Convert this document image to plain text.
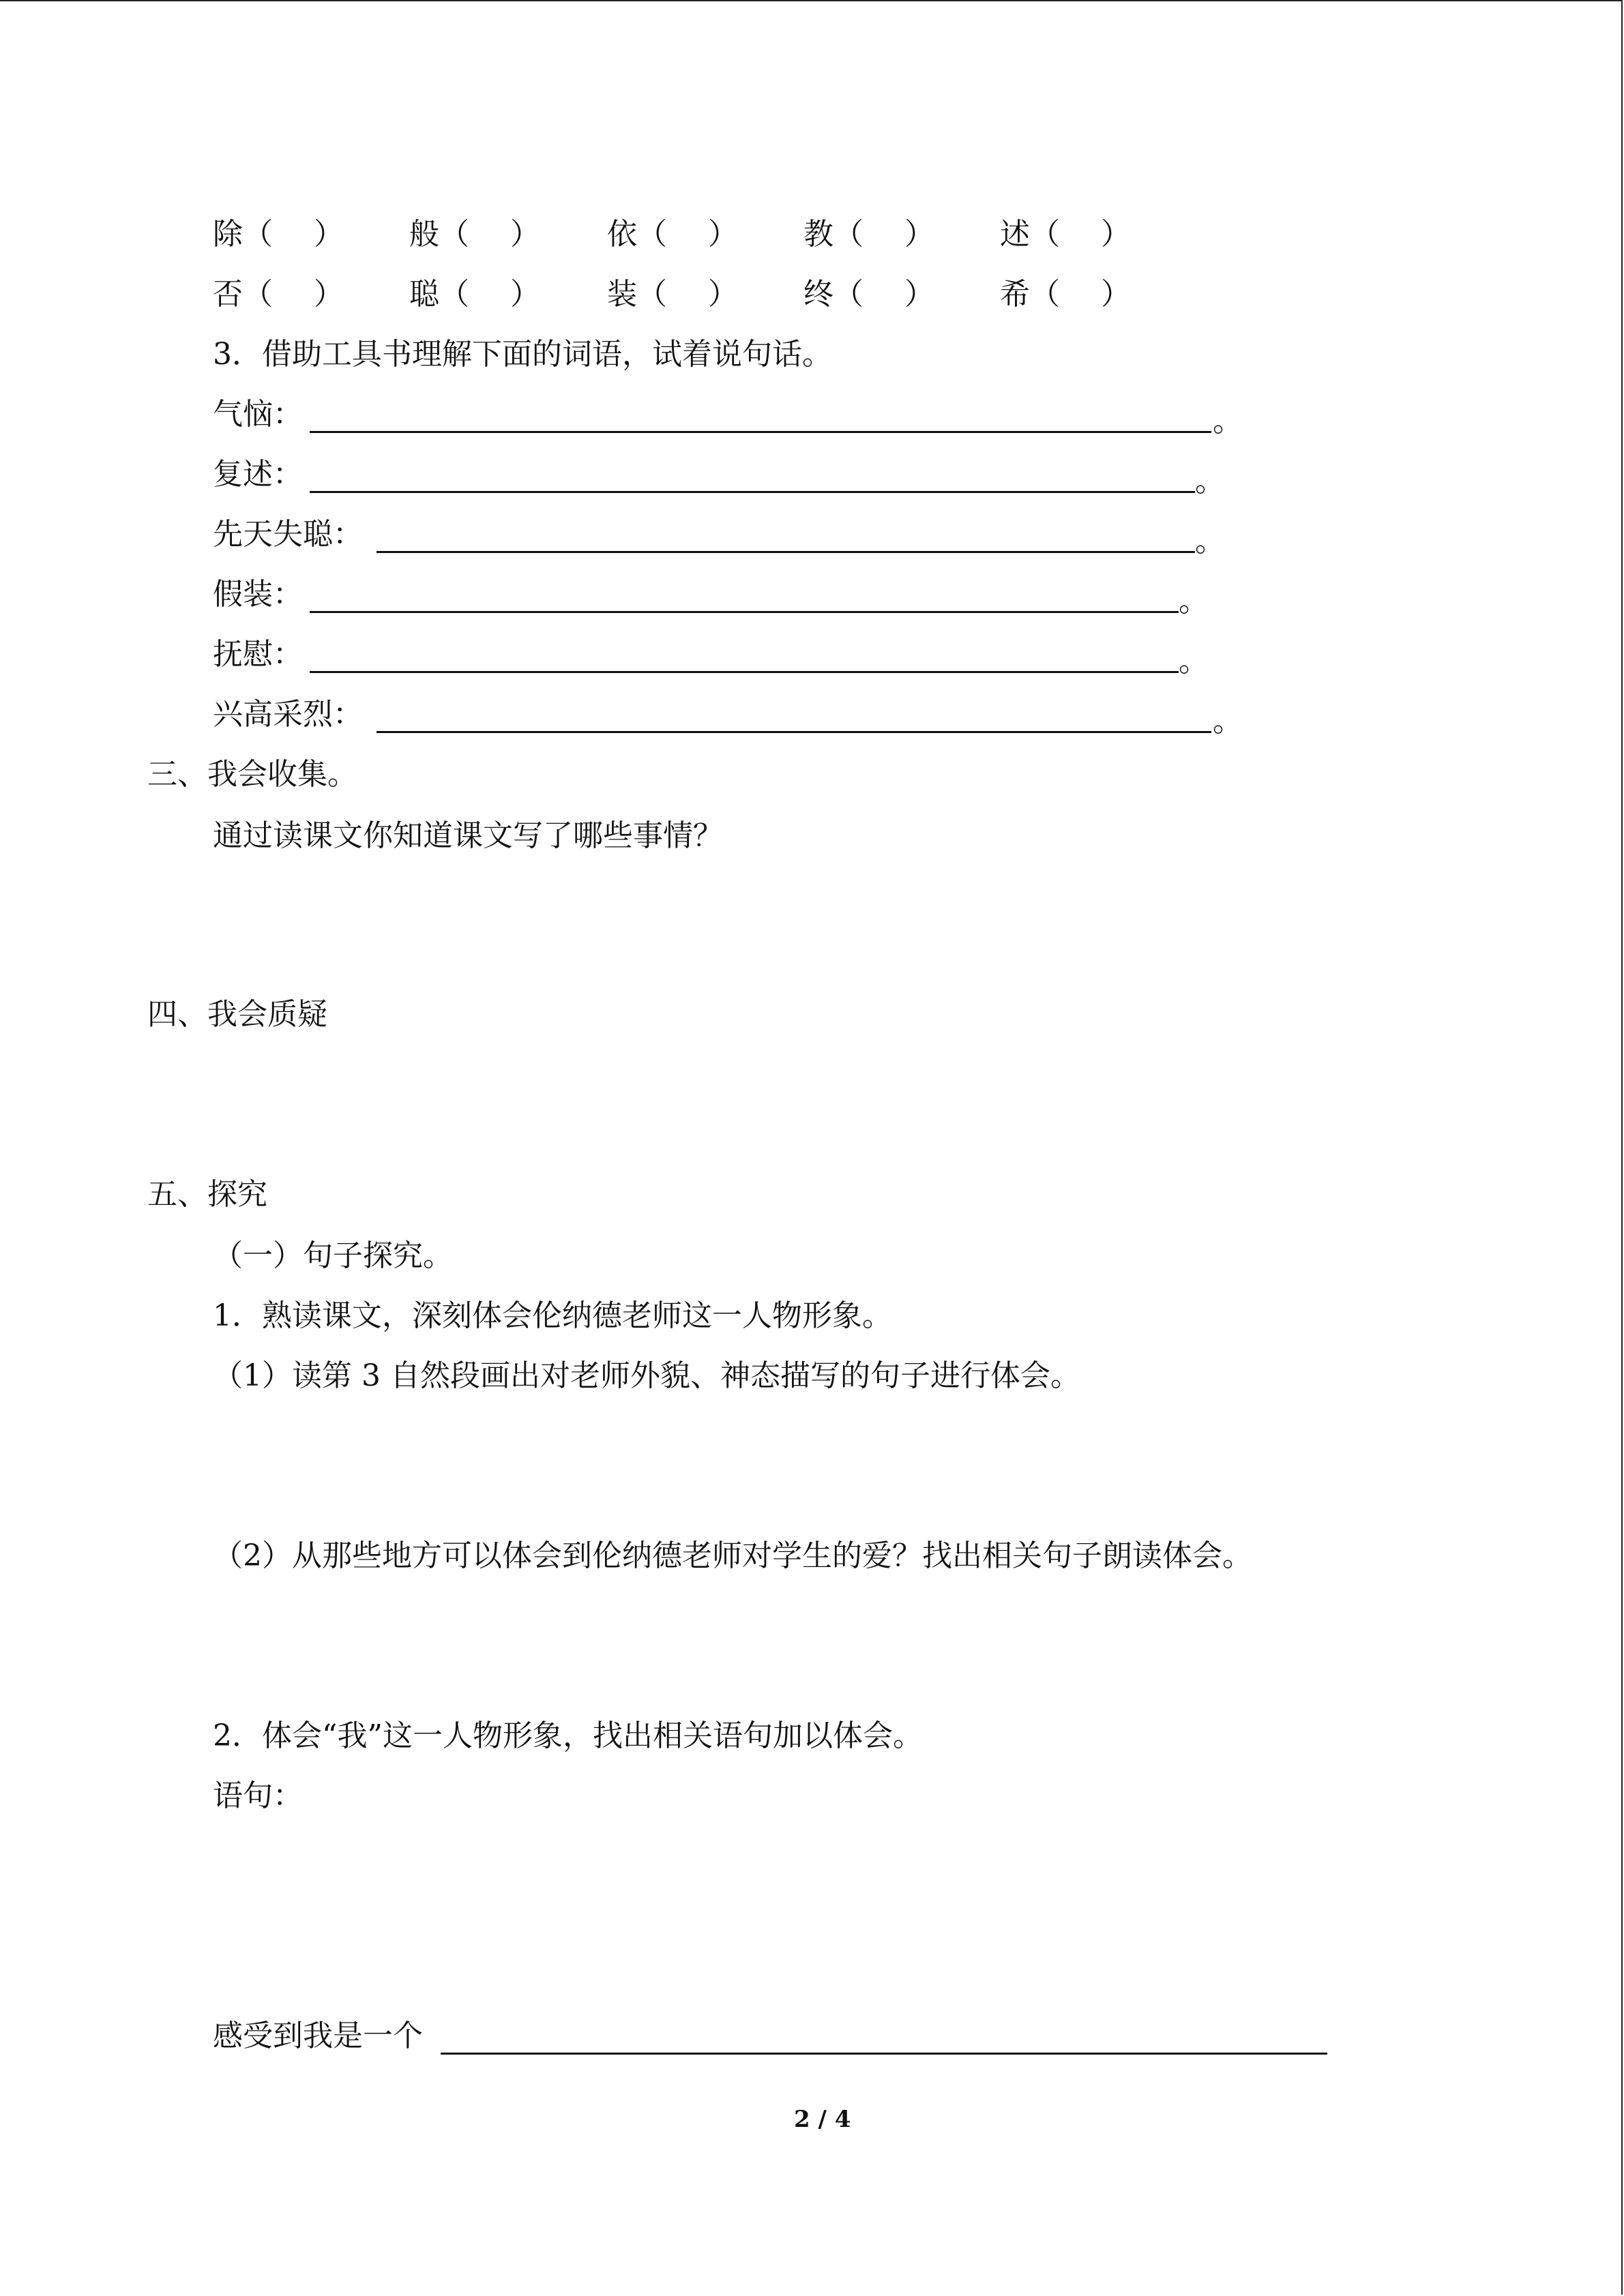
除（ ） 般（ ） 依（ ） 教（ ） 述（ ）
否（ ） 聪（ ） 装（ ） 终（ ） 希（ ）
3．借助工具书理解下面的词语，试着说句话。
气恼：	。
复述：	。
先天失聪：	。
假装：	。
抚慰：	。
兴高采烈：	。
三、我会收集。
通过读课文你知道课文写了哪些事情？
四、我会质疑
五、探究
（一）句子探究。
1．熟读课文，深刻体会伦纳德老师这一人物形象。
（1）读第 3 自然段画出对老师外貌、神态描写的句子进行体会。
（2）从那些地方可以体会到伦纳德老师对学生的爱？找出相关句子朗读体会。
2．体会“我”这一人物形象，找出相关语句加以体会。
语句：
感受到我是一个
2 / 4
